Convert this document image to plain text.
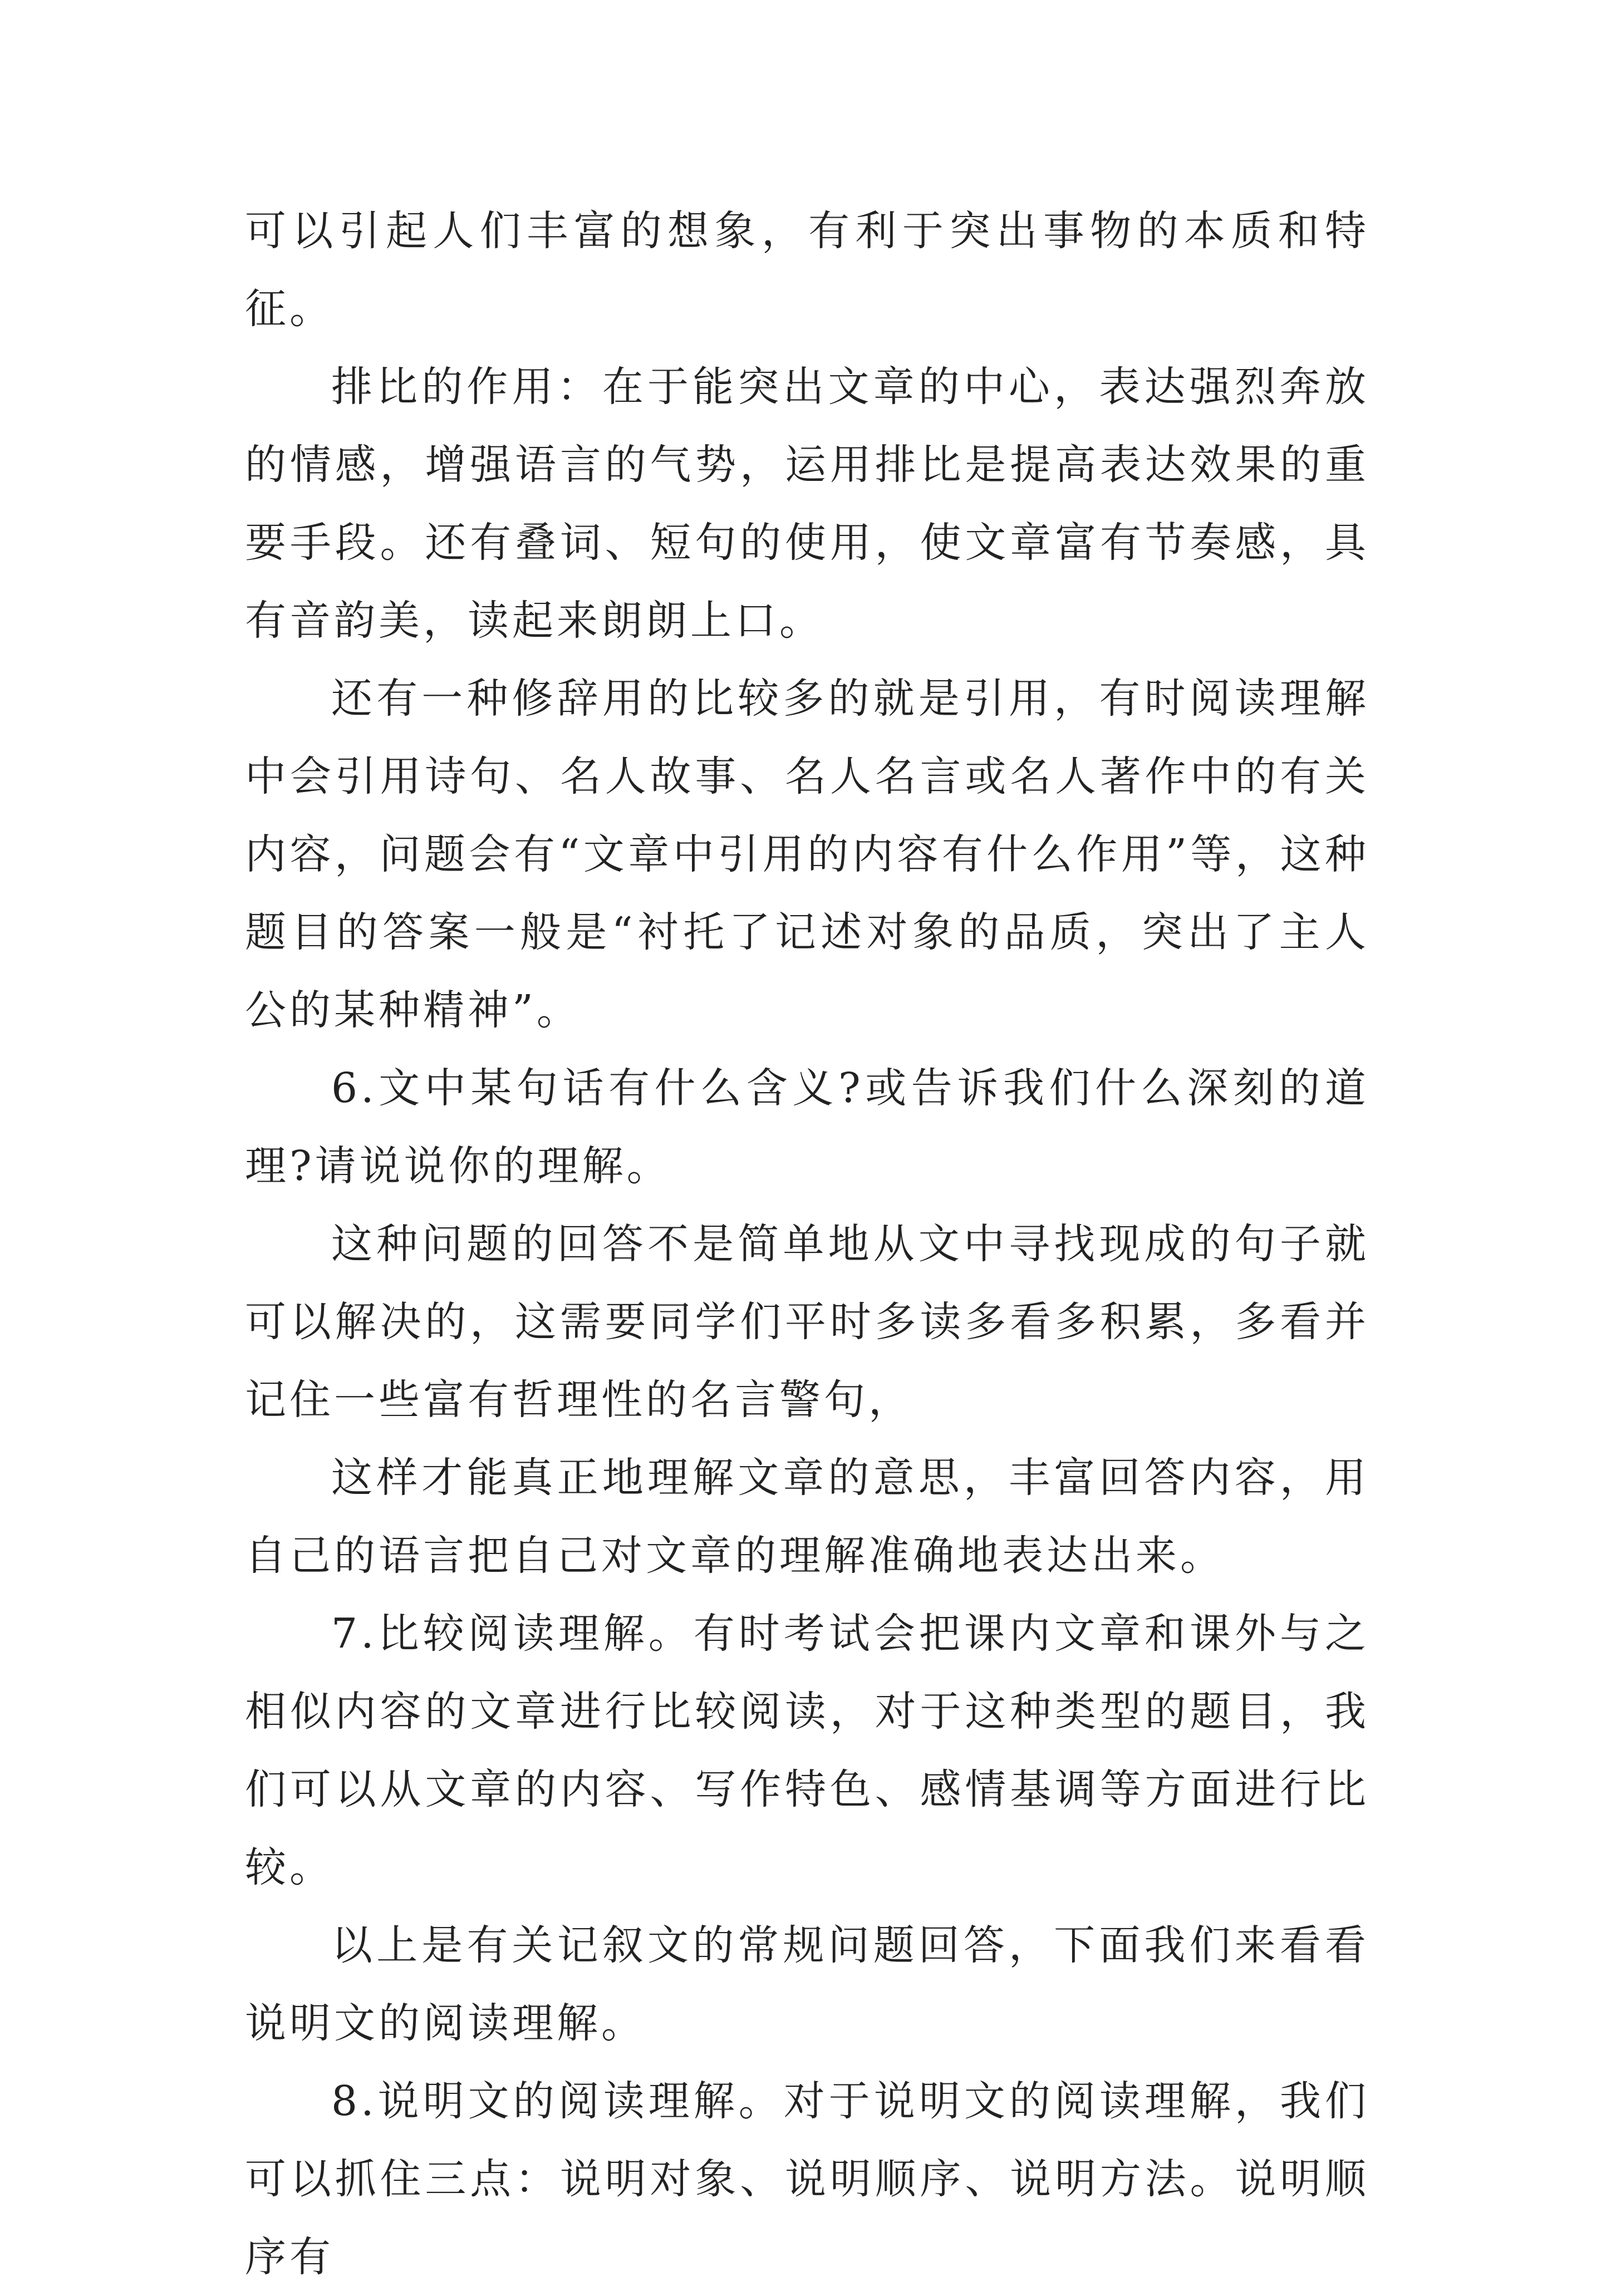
可以引起人们丰富的想象，有利于突出事物的本质和特征。

排比的作用：在于能突出文章的中心，表达强烈奔放的情感，增强语言的气势，运用排比是提高表达效果的重要手段。还有叠词、短句的使用，使文章富有节奏感，具有音韵美，读起来朗朗上口。

还有一种修辞用的比较多的就是引用，有时阅读理解中会引用诗句、名人故事、名人名言或名人著作中的有关内容，问题会有“文章中引用的内容有什么作用”等，这种题目的答案一般是“衬托了记述对象的品质，突出了主人公的某种精神”。

6.文中某句话有什么含义?或告诉我们什么深刻的道理?请说说你的理解。

这种问题的回答不是简单地从文中寻找现成的句子就可以解决的，这需要同学们平时多读多看多积累，多看并记住一些富有哲理性的名言警句，

这样才能真正地理解文章的意思，丰富回答内容，用自己的语言把自己对文章的理解准确地表达出来。

7.比较阅读理解。有时考试会把课内文章和课外与之相似内容的文章进行比较阅读，对于这种类型的题目，我们可以从文章的内容、写作特色、感情基调等方面进行比较。

以上是有关记叙文的常规问题回答，下面我们来看看说明文的阅读理解。

8.说明文的阅读理解。对于说明文的阅读理解，我们可以抓住三点：说明对象、说明顺序、说明方法。说明顺序有
